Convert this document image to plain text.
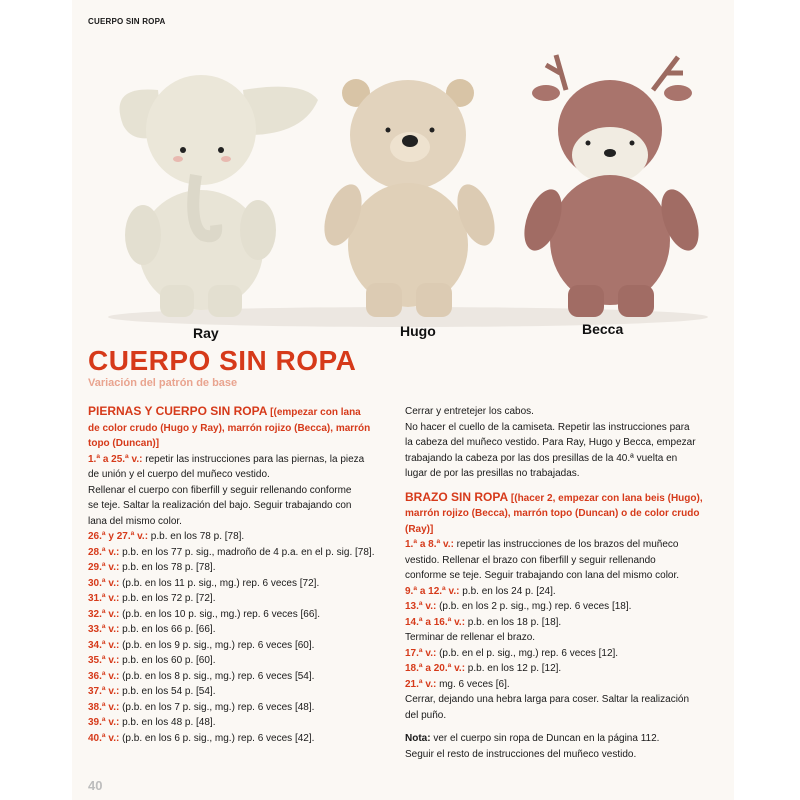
CUERPO SIN ROPA
Ray	Hugo	Becca
CUERPO SIN ROPA
Variación del patrón de base

PIERNAS Y CUERPO SIN ROPA [(empezar con lana

de color crudo (Hugo y Ray), marrón rojizo (Becca), marrón

topo (Duncan)]

1.ª a 25.ª v.: repetir las instrucciones para las piernas, la pieza

de unión y el cuerpo del muñeco vestido.

Rellenar el cuerpo con fiberfill y seguir rellenando conforme

se teje. Saltar la realización del bajo. Seguir trabajando con

lana del mismo color.

26.ª y 27.ª v.: p.b. en los 78 p. [78].

28.ª v.: p.b. en los 77 p. sig., madroño de 4 p.a. en el p. sig. [78].

29.ª v.: p.b. en los 78 p. [78].

30.ª v.: (p.b. en los 11 p. sig., mg.) rep. 6 veces [72].

31.ª v.: p.b. en los 72 p. [72].

32.ª v.: (p.b. en los 10 p. sig., mg.) rep. 6 veces [66].

33.ª v.: p.b. en los 66 p. [66].

34.ª v.: (p.b. en los 9 p. sig., mg.) rep. 6 veces [60].

35.ª v.: p.b. en los 60 p. [60].

36.ª v.: (p.b. en los 8 p. sig., mg.) rep. 6 veces [54].

37.ª v.: p.b. en los 54 p. [54].

38.ª v.: (p.b. en los 7 p. sig., mg.) rep. 6 veces [48].

39.ª v.: p.b. en los 48 p. [48].

40.ª v.: (p.b. en los 6 p. sig., mg.) rep. 6 veces [42].

Cerrar y entretejer los cabos.

No hacer el cuello de la camiseta. Repetir las instrucciones para

la cabeza del muñeco vestido. Para Ray, Hugo y Becca, empezar

trabajando la cabeza por las dos presillas de la 40.ª vuelta en

lugar de por las presillas no trabajadas.

BRAZO SIN ROPA [(hacer 2, empezar con lana beis (Hugo),

marrón rojizo (Becca), marrón topo (Duncan) o de color crudo (Ray)]

1.ª a 8.ª v.: repetir las instrucciones de los brazos del muñeco

vestido. Rellenar el brazo con fiberfill y seguir rellenando

conforme se teje. Seguir trabajando con lana del mismo color.

9.ª a 12.ª v.: p.b. en los 24 p. [24].

13.ª v.: (p.b. en los 2 p. sig., mg.) rep. 6 veces [18].

14.ª a 16.ª v.: p.b. en los 18 p. [18].

Terminar de rellenar el brazo.

17.ª v.: (p.b. en el p. sig., mg.) rep. 6 veces [12].

18.ª a 20.ª v.: p.b. en los 12 p. [12].

21.ª v.: mg. 6 veces [6].

Cerrar, dejando una hebra larga para coser. Saltar la realización

del puño.

Nota: ver el cuerpo sin ropa de Duncan en la página 112.

Seguir el resto de instrucciones del muñeco vestido.

40
